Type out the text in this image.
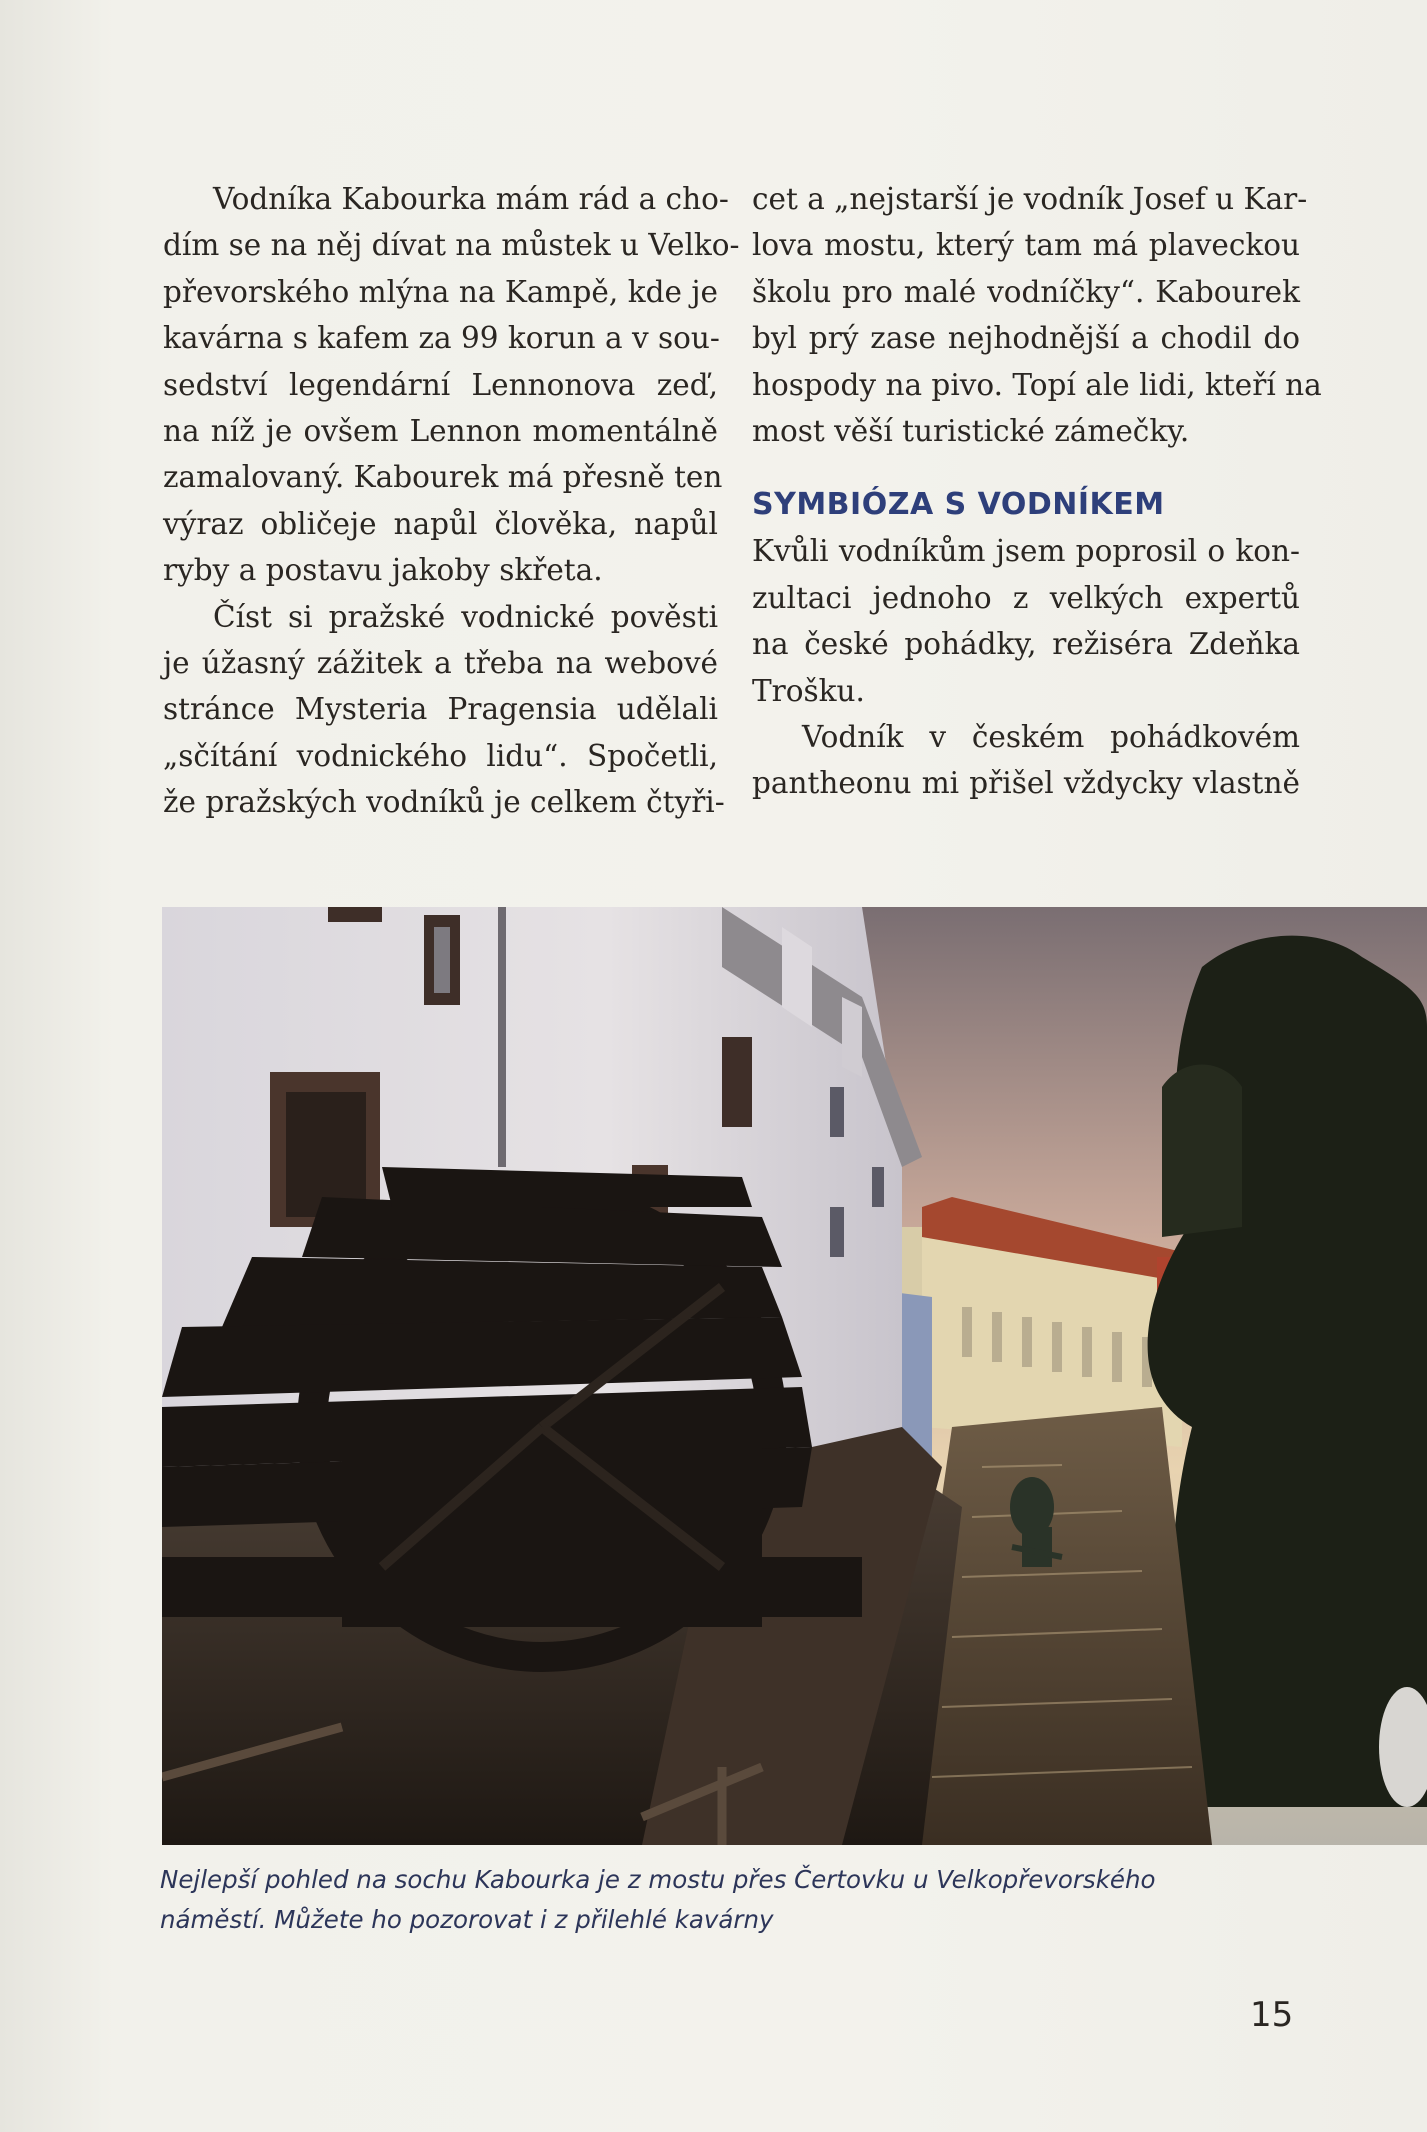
Vodníka Kabourka mám rád a cho-
dím se na něj dívat na můstek u Velko-
převorského mlýna na Kampě, kde je
kavárna s kafem za 99 korun a v sou-
sedství legendární Lennonova zeď,
na níž je ovšem Lennon momentálně
zamalovaný. Kabourek má přesně ten
výraz obličeje napůl člověka, napůl
ryby a postavu jakoby skřeta.

Číst si pražské vodnické pověsti
je úžasný zážitek a třeba na webové
stránce Mysteria Pragensia udělali
„sčítání vodnického lidu“. Spočetli,
že pražských vodníků je celkem čtyři-

cet a „nejstarší je vodník Josef u Kar-
lova mostu, který tam má plaveckou
školu pro malé vodníčky“. Kabourek
byl prý zase nejhodnější a chodil do
hospody na pivo. Topí ale lidi, kteří na
most věší turistické zámečky.

SYMBIÓZA S VODNÍKEM

Kvůli vodníkům jsem poprosil o kon-
zultaci jednoho z velkých expertů
na české pohádky, režiséra Zdeňka
Trošku.

Vodník v českém pohádkovém
pantheonu mi přišel vždycky vlastně

Nejlepší pohled na sochu Kabourka je z mostu přes Čertovku u Velkopřevorského
náměstí. Můžete ho pozorovat i z přilehlé kavárny
15
